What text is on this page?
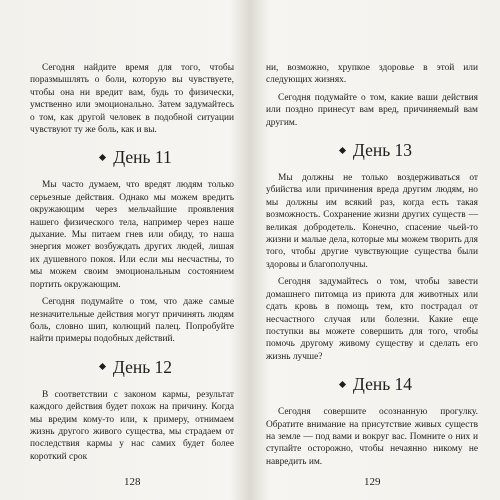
Сегодня найдите время для того, чтобы поразмышлять о боли, которую вы чувствуете, чтобы она ни вредит вам, будь то физически, умственно или эмоционально. Затем задумайтесь о том, как другой человек в подобной ситуации чувствуют ту же боль, как и вы.

День 11

Мы часто думаем, что вредят людям только серьезные действия. Однако мы можем вредить окружающим через мельчайшие проявления нашего физического тела, например через наше дыхание. Мы питаем гнев или обиду, то наша энергия может возбуждать других людей, лишая их душевного покоя. Или если мы несчастны, то мы можем своим эмоциональным состоянием портить окружающим.

Сегодня подумайте о том, что даже самые незначительные действия могут причинять людям боль, словно шип, колющий палец. Попробуйте найти примеры подобных действий.

День 12

В соответствии с законом кармы, результат каждого действия будет похож на причину. Когда мы вредим кому-то или, к примеру, отнимаем жизнь другого живого существа, мы страдаем от последствия кармы у нас самих будет более короткий срок

128

ни, возможно, хрупкое здоровье в этой или следующих жизнях.

Сегодня подумайте о том, какие ваши действия или поздно принесут вам вред, причиняемый вам другим.

День 13

Мы должны не только воздерживаться от убийства или причинения вреда другим людям, но мы должны им всякий раз, когда есть такая возможность. Сохранение жизни других существ — великая добродетель. Конечно, спасение чьей-то жизни и малые дела, которые мы можем творить для того, чтобы другие чувствующие существа были здоровы и благополучны.

Сегодня задумайтесь о том, чтобы завести домашнего питомца из приюта для животных или сдать кровь в помощь тем, кто пострадал от несчастного случая или болезни. Какие еще поступки вы можете совершить для того, чтобы помочь другому живому существу и сделать его жизнь лучше?

День 14

Сегодня совершите осознанную прогулку. Обратите внимание на присутствие живых существ на земле — под вами и вокруг вас. Помните о них и ступайте осторожно, чтобы нечаянно никому не навредить им.

129
